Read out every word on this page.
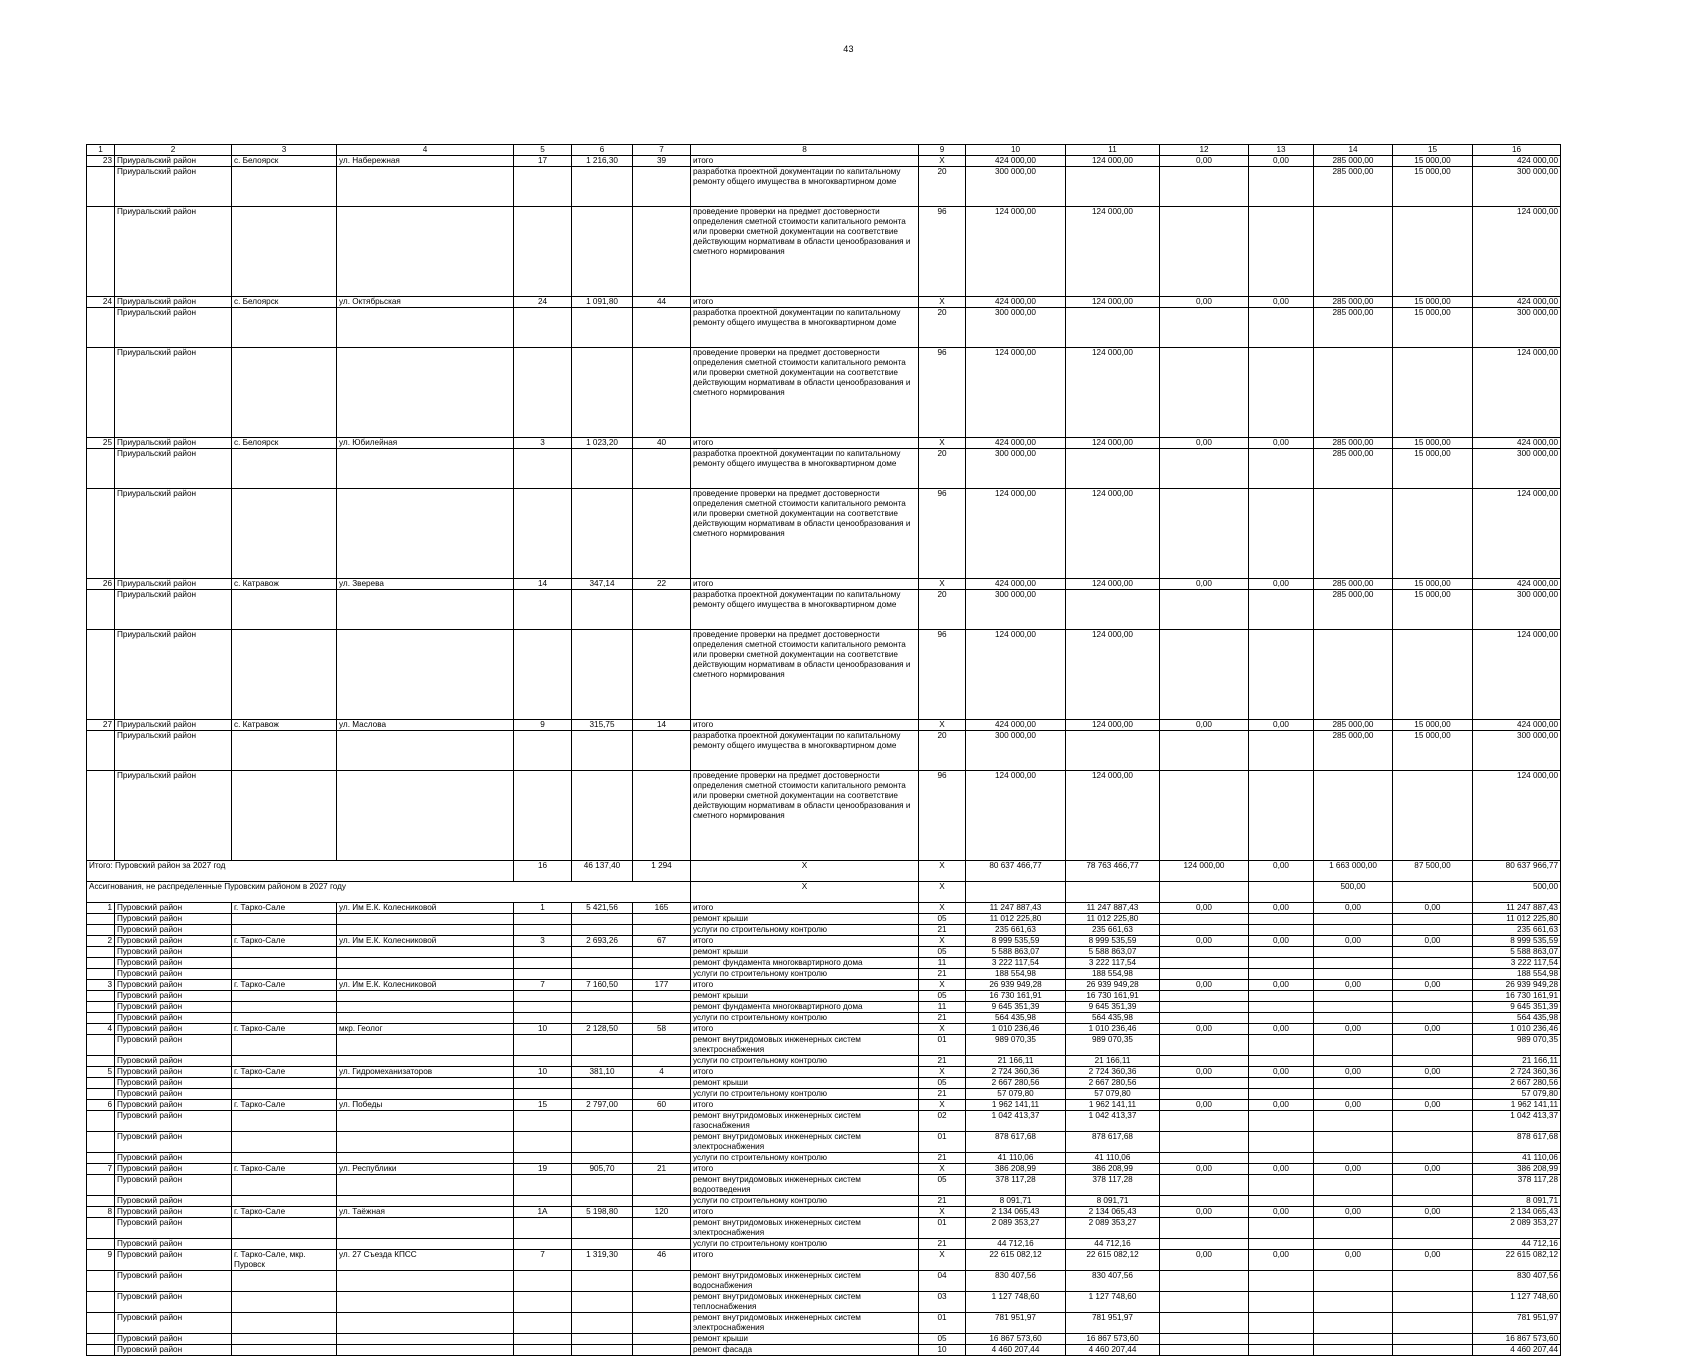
43
1	2	3	4	5	6	7	8	9	10	11	12	13	14	15	16
23	Приуральский район	с. Белоярск	ул. Набережная	17	1 216,30	39	итого	X	424 000,00	124 000,00	0,00	0,00	285 000,00	15 000,00	424 000,00
	Приуральский район						разработка проектной документации по капитальному ремонту общего имущества в многоквартирном доме	20	300 000,00				285 000,00	15 000,00	300 000,00
	Приуральский район						проведение проверки на предмет достоверности определения сметной стоимости капитального ремонта или проверки сметной документации на соответствие действующим нормативам в области ценообразования и сметного нормирования	96	124 000,00	124 000,00					124 000,00
24	Приуральский район	с. Белоярск	ул. Октябрьская	24	1 091,80	44	итого	X	424 000,00	124 000,00	0,00	0,00	285 000,00	15 000,00	424 000,00
	Приуральский район						разработка проектной документации по капитальному ремонту общего имущества в многоквартирном доме	20	300 000,00				285 000,00	15 000,00	300 000,00
	Приуральский район						проведение проверки на предмет достоверности определения сметной стоимости капитального ремонта или проверки сметной документации на соответствие действующим нормативам в области ценообразования и сметного нормирования	96	124 000,00	124 000,00					124 000,00
25	Приуральский район	с. Белоярск	ул. Юбилейная	3	1 023,20	40	итого	X	424 000,00	124 000,00	0,00	0,00	285 000,00	15 000,00	424 000,00
	Приуральский район						разработка проектной документации по капитальному ремонту общего имущества в многоквартирном доме	20	300 000,00				285 000,00	15 000,00	300 000,00
	Приуральский район						проведение проверки на предмет достоверности определения сметной стоимости капитального ремонта или проверки сметной документации на соответствие действующим нормативам в области ценообразования и сметного нормирования	96	124 000,00	124 000,00					124 000,00
26	Приуральский район	с. Катравож	ул. Зверева	14	347,14	22	итого	X	424 000,00	124 000,00	0,00	0,00	285 000,00	15 000,00	424 000,00
	Приуральский район						разработка проектной документации по капитальному ремонту общего имущества в многоквартирном доме	20	300 000,00				285 000,00	15 000,00	300 000,00
	Приуральский район						проведение проверки на предмет достоверности определения сметной стоимости капитального ремонта или проверки сметной документации на соответствие действующим нормативам в области ценообразования и сметного нормирования	96	124 000,00	124 000,00					124 000,00
27	Приуральский район	с. Катравож	ул. Маслова	9	315,75	14	итого	X	424 000,00	124 000,00	0,00	0,00	285 000,00	15 000,00	424 000,00
	Приуральский район						разработка проектной документации по капитальному ремонту общего имущества в многоквартирном доме	20	300 000,00				285 000,00	15 000,00	300 000,00
	Приуральский район						проведение проверки на предмет достоверности определения сметной стоимости капитального ремонта или проверки сметной документации на соответствие действующим нормативам в области ценообразования и сметного нормирования	96	124 000,00	124 000,00					124 000,00
Итого: Пуровский район за 2027 год				16	46 137,40	1 294	X	X	80 637 466,77	78 763 466,77	124 000,00	0,00	1 663 000,00	87 500,00	80 637 966,77
Ассигнования, не распределенные Пуровским районом в 2027 году							X	X					500,00		500,00
1	Пуровский район	г. Тарко-Сале	ул. Им Е.К. Колесниковой	1	5 421,56	165	итого	X	11 247 887,43	11 247 887,43	0,00	0,00	0,00	0,00	11 247 887,43
	Пуровский район						ремонт крыши	05	11 012 225,80	11 012 225,80					11 012 225,80
	Пуровский район						услуги по строительному контролю	21	235 661,63	235 661,63					235 661,63
2	Пуровский район	г. Тарко-Сале	ул. Им Е.К. Колесниковой	3	2 693,26	67	итого	X	8 999 535,59	8 999 535,59	0,00	0,00	0,00	0,00	8 999 535,59
	Пуровский район						ремонт крыши	05	5 588 863,07	5 588 863,07					5 588 863,07
	Пуровский район						ремонт фундамента многоквартирного дома	11	3 222 117,54	3 222 117,54					3 222 117,54
	Пуровский район						услуги по строительному контролю	21	188 554,98	188 554,98					188 554,98
3	Пуровский район	г. Тарко-Сале	ул. Им Е.К. Колесниковой	7	7 160,50	177	итого	X	26 939 949,28	26 939 949,28	0,00	0,00	0,00	0,00	26 939 949,28
	Пуровский район						ремонт крыши	05	16 730 161,91	16 730 161,91					16 730 161,91
	Пуровский район						ремонт фундамента многоквартирного дома	11	9 645 351,39	9 645 351,39					9 645 351,39
	Пуровский район						услуги по строительному контролю	21	564 435,98	564 435,98					564 435,98
4	Пуровский район	г. Тарко-Сале	мкр. Геолог	10	2 128,50	58	итого	X	1 010 236,46	1 010 236,46	0,00	0,00	0,00	0,00	1 010 236,46
	Пуровский район						ремонт внутридомовых инженерных систем электроснабжения	01	989 070,35	989 070,35					989 070,35
	Пуровский район						услуги по строительному контролю	21	21 166,11	21 166,11					21 166,11
5	Пуровский район	г. Тарко-Сале	ул. Гидромеханизаторов	10	381,10	4	итого	X	2 724 360,36	2 724 360,36	0,00	0,00	0,00	0,00	2 724 360,36
	Пуровский район						ремонт крыши	05	2 667 280,56	2 667 280,56					2 667 280,56
	Пуровский район						услуги по строительному контролю	21	57 079,80	57 079,80					57 079,80
6	Пуровский район	г. Тарко-Сале	ул. Победы	15	2 797,00	60	итого	X	1 962 141,11	1 962 141,11	0,00	0,00	0,00	0,00	1 962 141,11
	Пуровский район						ремонт внутридомовых инженерных систем газоснабжения	02	1 042 413,37	1 042 413,37					1 042 413,37
	Пуровский район						ремонт внутридомовых инженерных систем электроснабжения	01	878 617,68	878 617,68					878 617,68
	Пуровский район						услуги по строительному контролю	21	41 110,06	41 110,06					41 110,06
7	Пуровский район	г. Тарко-Сале	ул. Республики	19	905,70	21	итого	X	386 208,99	386 208,99	0,00	0,00	0,00	0,00	386 208,99
	Пуровский район						ремонт внутридомовых инженерных систем водоотведения	05	378 117,28	378 117,28					378 117,28
	Пуровский район						услуги по строительному контролю	21	8 091,71	8 091,71					8 091,71
8	Пуровский район	г. Тарко-Сале	ул. Таёжная	1А	5 198,80	120	итого	X	2 134 065,43	2 134 065,43	0,00	0,00	0,00	0,00	2 134 065,43
	Пуровский район						ремонт внутридомовых инженерных систем электроснабжения	01	2 089 353,27	2 089 353,27					2 089 353,27
	Пуровский район						услуги по строительному контролю	21	44 712,16	44 712,16					44 712,16
9	Пуровский район	г. Тарко-Сале, мкр. Пуровск	ул. 27 Съезда КПСС	7	1 319,30	46	итого	X	22 615 082,12	22 615 082,12	0,00	0,00	0,00	0,00	22 615 082,12
	Пуровский район						ремонт внутридомовых инженерных систем водоснабжения	04	830 407,56	830 407,56					830 407,56
	Пуровский район						ремонт внутридомовых инженерных систем теплоснабжения	03	1 127 748,60	1 127 748,60					1 127 748,60
	Пуровский район						ремонт внутридомовых инженерных систем электроснабжения	01	781 951,97	781 951,97					781 951,97
	Пуровский район						ремонт крыши	05	16 867 573,60	16 867 573,60					16 867 573,60
	Пуровский район						ремонт фасада	10	4 460 207,44	4 460 207,44					4 460 207,44
